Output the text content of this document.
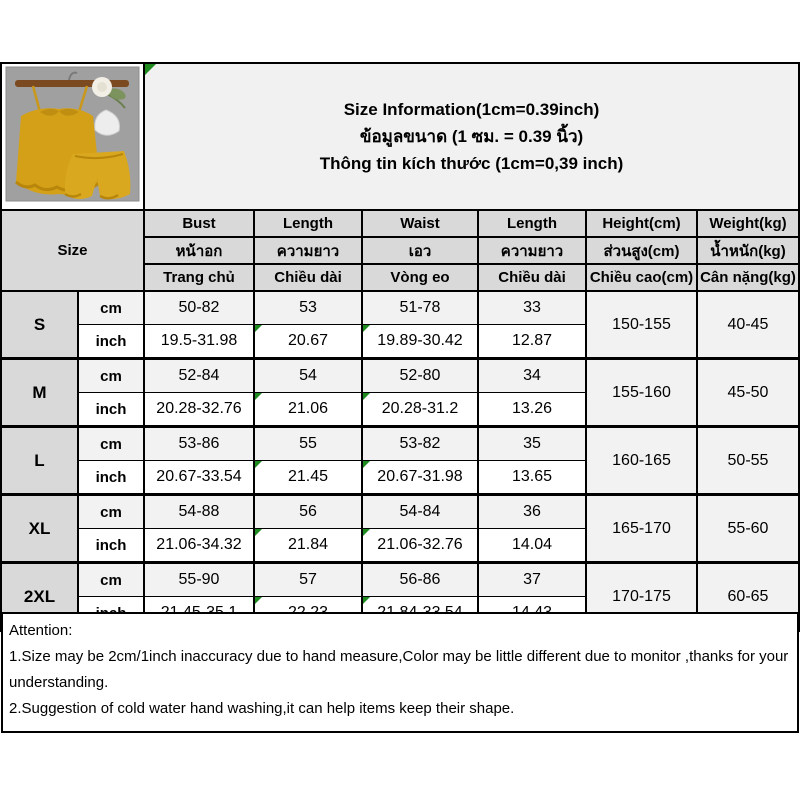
Size Information(1cm=0.39inch)
ข้อมูลขนาด (1 ซม. = 0.39 นิ้ว)
Thông tin kích thước (1cm=0,39 inch)					

Size		Bust	Length	Waist	Length	Height(cm)	Weight(kg)
		หน้าอก	ความยาว	เอว	ความยาว	ส่วนสูง(cm)	น้ำหนัก(kg)
		Trang chủ	Chiều dài	Vòng eo	Chiều dài	Chiều cao(cm)	Cân nặng(kg)
S	cm	50-82	53	51-78	33	150-155	40-45
	inch	19.5-31.98	20.67	19.89-30.42	12.87		
M	cm	52-84	54	52-80	34	155-160	45-50
	inch	20.28-32.76	21.06	20.28-31.2	13.26		
L	cm	53-86	55	53-82	35	160-165	50-55
	inch	20.67-33.54	21.45	20.67-31.98	13.65		
XL	cm	54-88	56	54-84	36	165-170	55-60
	inch	21.06-34.32	21.84	21.06-32.76	14.04		
2XL	cm	55-90	57	56-86	37	170-175	60-65

Attention:
1.Size may be 2cm/1inch inaccuracy due to hand measure,Color may be little different due to monitor ,thanks for your understanding.
2.Suggestion of cold water hand washing,it can help items keep their shape.
